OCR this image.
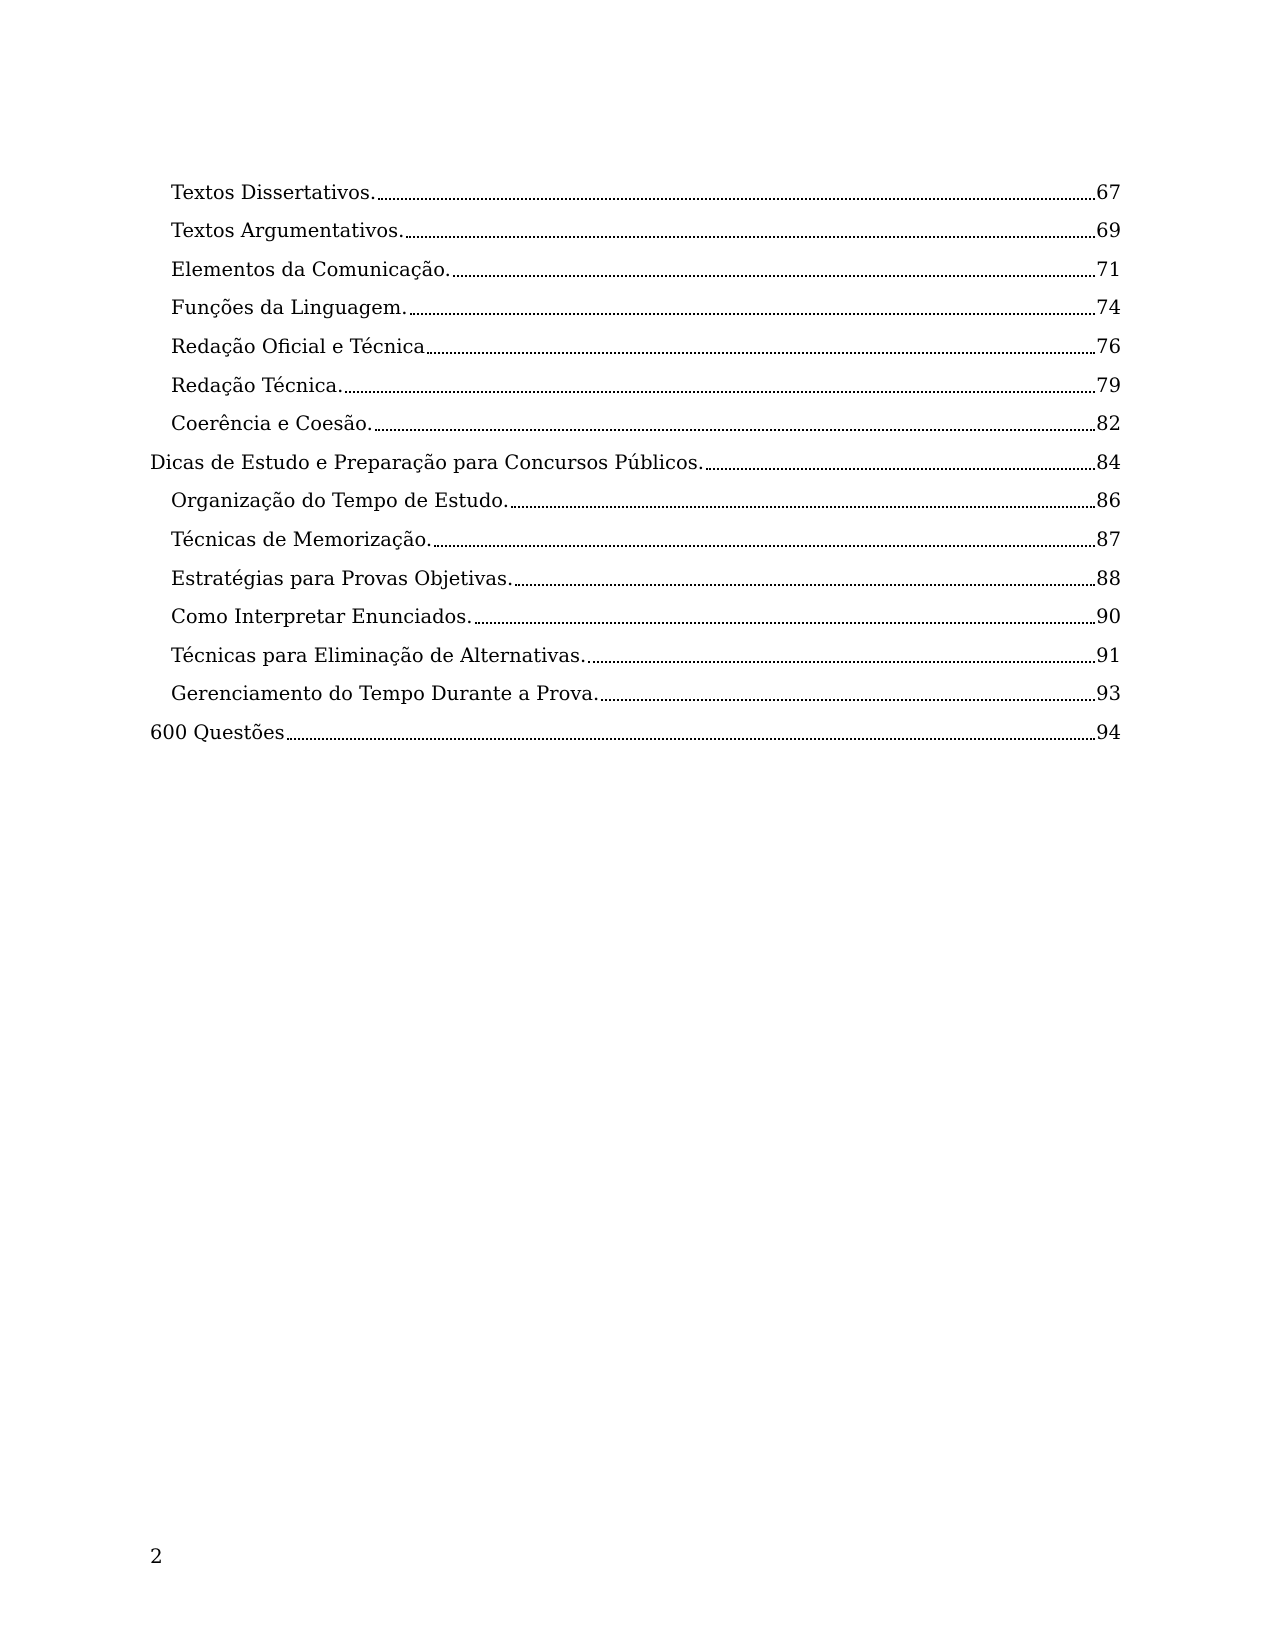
Textos Dissertativos.	67
Textos Argumentativos.	69
Elementos da Comunicação.	71
Funções da Linguagem.	74
Redação Oficial e Técnica	76
Redação Técnica.	79
Coerência e Coesão.	82
Dicas de Estudo e Preparação para Concursos Públicos.	84
Organização do Tempo de Estudo.	86
Técnicas de Memorização.	87
Estratégias para Provas Objetivas.	88
Como Interpretar Enunciados.	90
Técnicas para Eliminação de Alternativas.	91
Gerenciamento do Tempo Durante a Prova.	93
600 Questões	94
2
